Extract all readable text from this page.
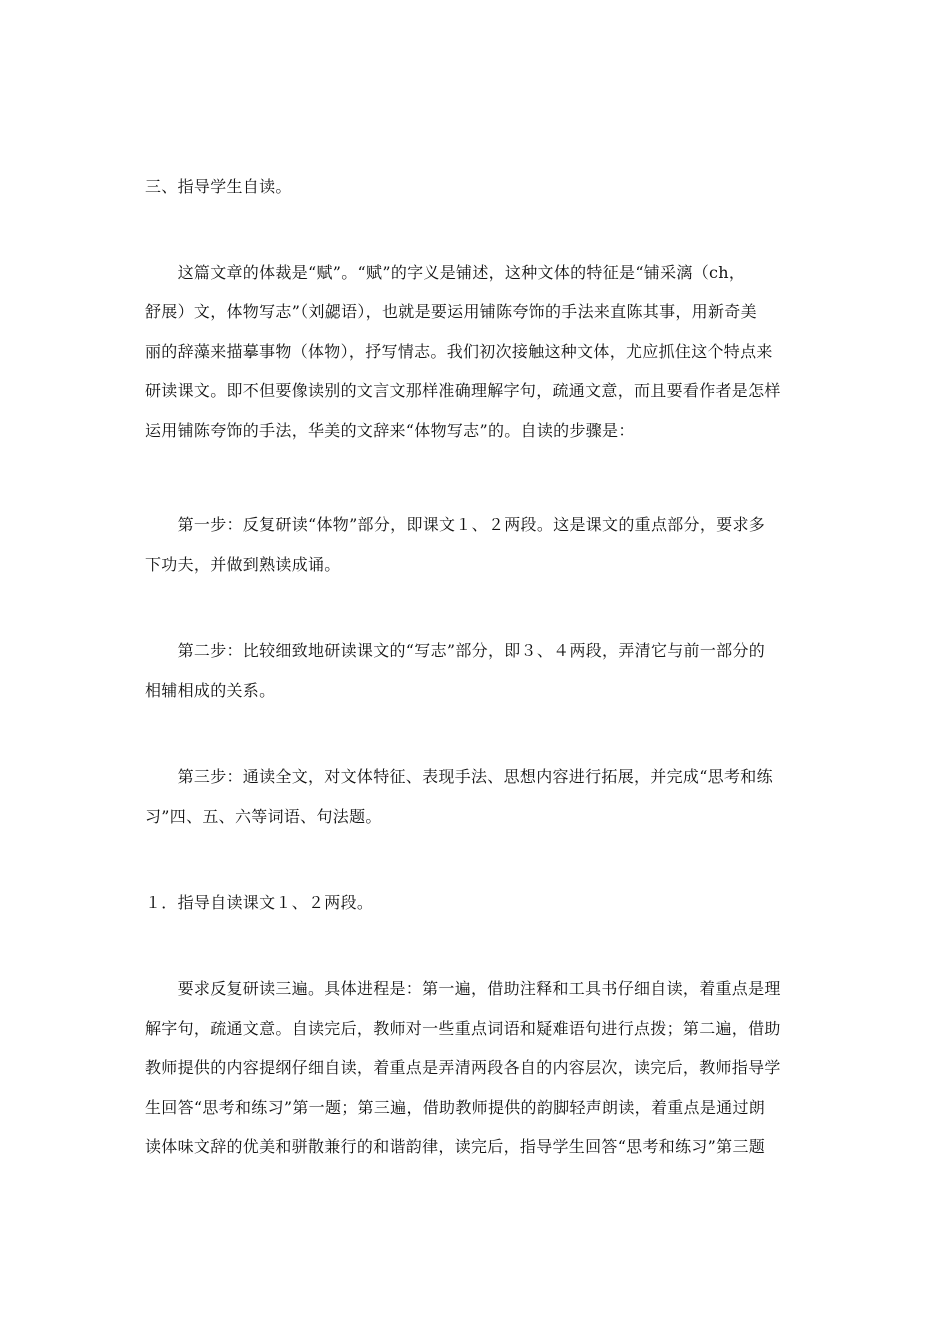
三、指导学生自读。
　　这篇文章的体裁是“赋”。“赋”的字义是铺述，这种文体的特征是“铺采漓（ch，
舒展）文，体物写志”（刘勰语），也就是要运用铺陈夸饰的手法来直陈其事，用新奇美
丽的辞藻来描摹事物（体物），抒写情志。我们初次接触这种文体，尤应抓住这个特点来
研读课文。即不但要像读别的文言文那样准确理解字句，疏通文意，而且要看作者是怎样
运用铺陈夸饰的手法，华美的文辞来“体物写志”的。自读的步骤是：
　　第一步：反复研读“体物”部分，即课文１、２两段。这是课文的重点部分，要求多
下功夫，并做到熟读成诵。
　　第二步：比较细致地研读课文的“写志”部分，即３、４两段，弄清它与前一部分的
相辅相成的关系。
　　第三步：通读全文，对文体特征、表现手法、思想内容进行拓展，并完成“思考和练
习”四、五、六等词语、句法题。
１．指导自读课文１、２两段。
　　要求反复研读三遍。具体进程是：第一遍，借助注释和工具书仔细自读，着重点是理
解字句，疏通文意。自读完后，教师对一些重点词语和疑难语句进行点拨；第二遍，借助
教师提供的内容提纲仔细自读，着重点是弄清两段各自的内容层次，读完后，教师指导学
生回答“思考和练习”第一题；第三遍，借助教师提供的韵脚轻声朗读，着重点是通过朗
读体味文辞的优美和骈散兼行的和谐韵律，读完后，指导学生回答“思考和练习”第三题
